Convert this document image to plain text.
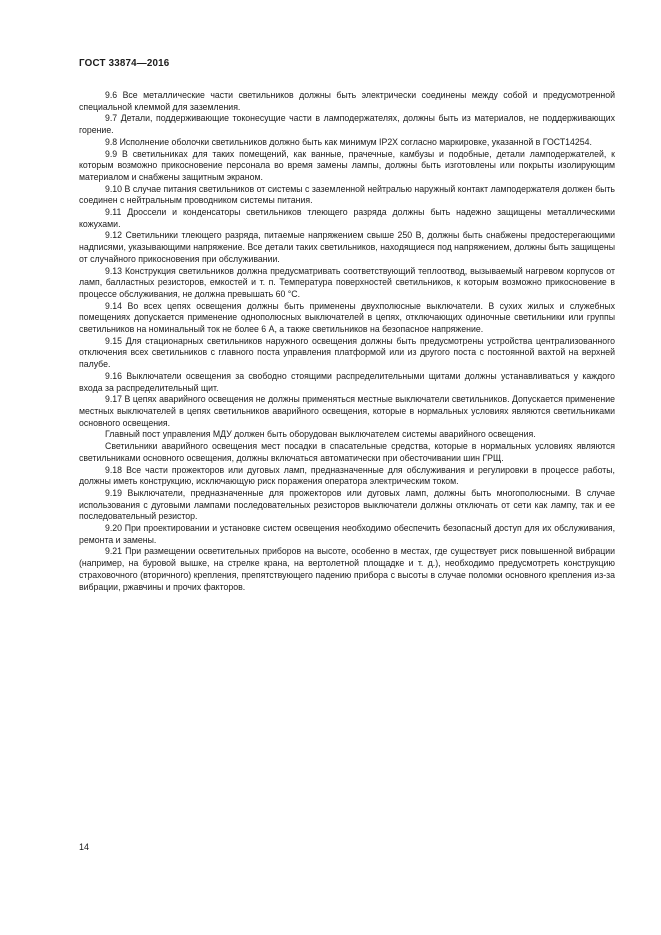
ГОСТ 33874—2016

9.6 Все металлические части светильников должны быть электрически соединены между собой и предусмотренной специальной клеммой для заземления.

9.7 Детали, поддерживающие токонесущие части в ламподержателях, должны быть из материалов, не поддерживающих горение.

9.8 Исполнение оболочки светильников должно быть как минимум IP2X согласно маркировке, указанной в ГОСТ14254.

9.9 В светильниках для таких помещений, как ванные, прачечные, камбузы и подобные, детали ламподержателей, к которым возможно прикосновение персонала во время замены лампы, должны быть изготовлены или покрыты изолирующим материалом и снабжены защитным экраном.

9.10 В случае питания светильников от системы с заземленной нейтралью наружный контакт ламподержателя должен быть соединен с нейтральным проводником системы питания.

9.11 Дроссели и конденсаторы светильников тлеющего разряда должны быть надежно защищены металлическими кожухами.

9.12 Светильники тлеющего разряда, питаемые напряжением свыше 250 В, должны быть снабжены предостерегающими надписями, указывающими напряжение. Все детали таких светильников, находящиеся под напряжением, должны быть защищены от случайного прикосновения при обслуживании.

9.13 Конструкция светильников должна предусматривать соответствующий теплоотвод, вызываемый нагревом корпусов от ламп, балластных резисторов, емкостей и т. п. Температура поверхностей светильников, к которым возможно прикосновение в процессе обслуживания, не должна превышать 60 °С.

9.14 Во всех цепях освещения должны быть применены двухполюсные выключатели. В сухих жилых и служебных помещениях допускается применение однополюсных выключателей в цепях, отключающих одиночные светильники или группы светильников на номинальный ток не более 6 А, а также светильников на безопасное напряжение.

9.15 Для стационарных светильников наружного освещения должны быть предусмотрены устройства централизованного отключения всех светильников с главного поста управления платформой или из другого поста с постоянной вахтой на верхней палубе.

9.16 Выключатели освещения за свободно стоящими распределительными щитами должны устанавливаться у каждого входа за распределительный щит.

9.17 В цепях аварийного освещения не должны применяться местные выключатели светильников. Допускается применение местных выключателей в цепях светильников аварийного освещения, которые в нормальных условиях являются светильниками основного освещения.

Главный пост управления МДУ должен быть оборудован выключателем системы аварийного освещения.

Светильники аварийного освещения мест посадки в спасательные средства, которые в нормальных условиях являются светильниками основного освещения, должны включаться автоматически при обесточивании шин ГРЩ.

9.18 Все части прожекторов или дуговых ламп, предназначенные для обслуживания и регулировки в процессе работы, должны иметь конструкцию, исключающую риск поражения оператора электрическим током.

9.19 Выключатели, предназначенные для прожекторов или дуговых ламп, должны быть многополюсными. В случае использования с дуговыми лампами последовательных резисторов выключатели должны отключать от сети как лампу, так и ее последовательный резистор.

9.20 При проектировании и установке систем освещения необходимо обеспечить безопасный доступ для их обслуживания, ремонта и замены.

9.21 При размещении осветительных приборов на высоте, особенно в местах, где существует риск повышенной вибрации (например, на буровой вышке, на стрелке крана, на вертолетной площадке и т. д.), необходимо предусмотреть конструкцию страховочного (вторичного) крепления, препятствующего падению прибора с высоты в случае поломки основного крепления из-за вибрации, ржавчины и прочих факторов.

14
